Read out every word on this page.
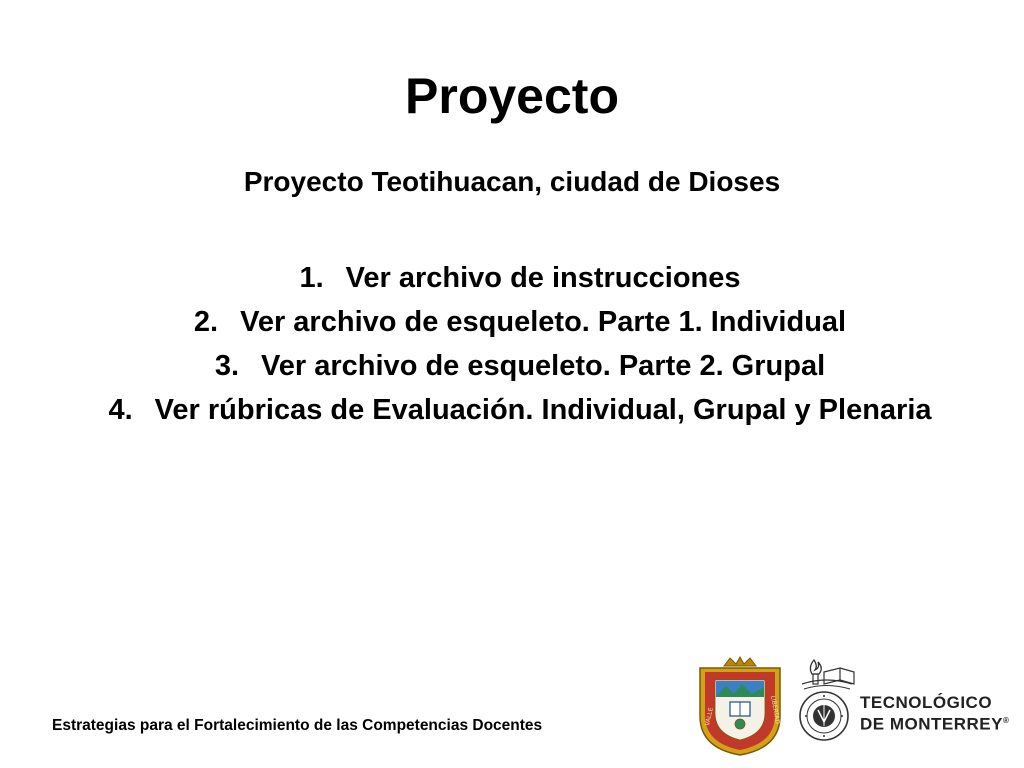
Proyecto
Proyecto Teotihuacan, ciudad de Dioses
1. Ver archivo de instrucciones
2. Ver archivo de esqueleto. Parte 1. Individual
3. Ver archivo de esqueleto. Parte 2. Grupal
4. Ver rúbricas de Evaluación. Individual, Grupal y Plenaria
Estrategias para el Fortalecimiento de las Competencias Docentes	VALLE	LIBERTAD	TECNOLÓGICO
DE MONTERREY®
